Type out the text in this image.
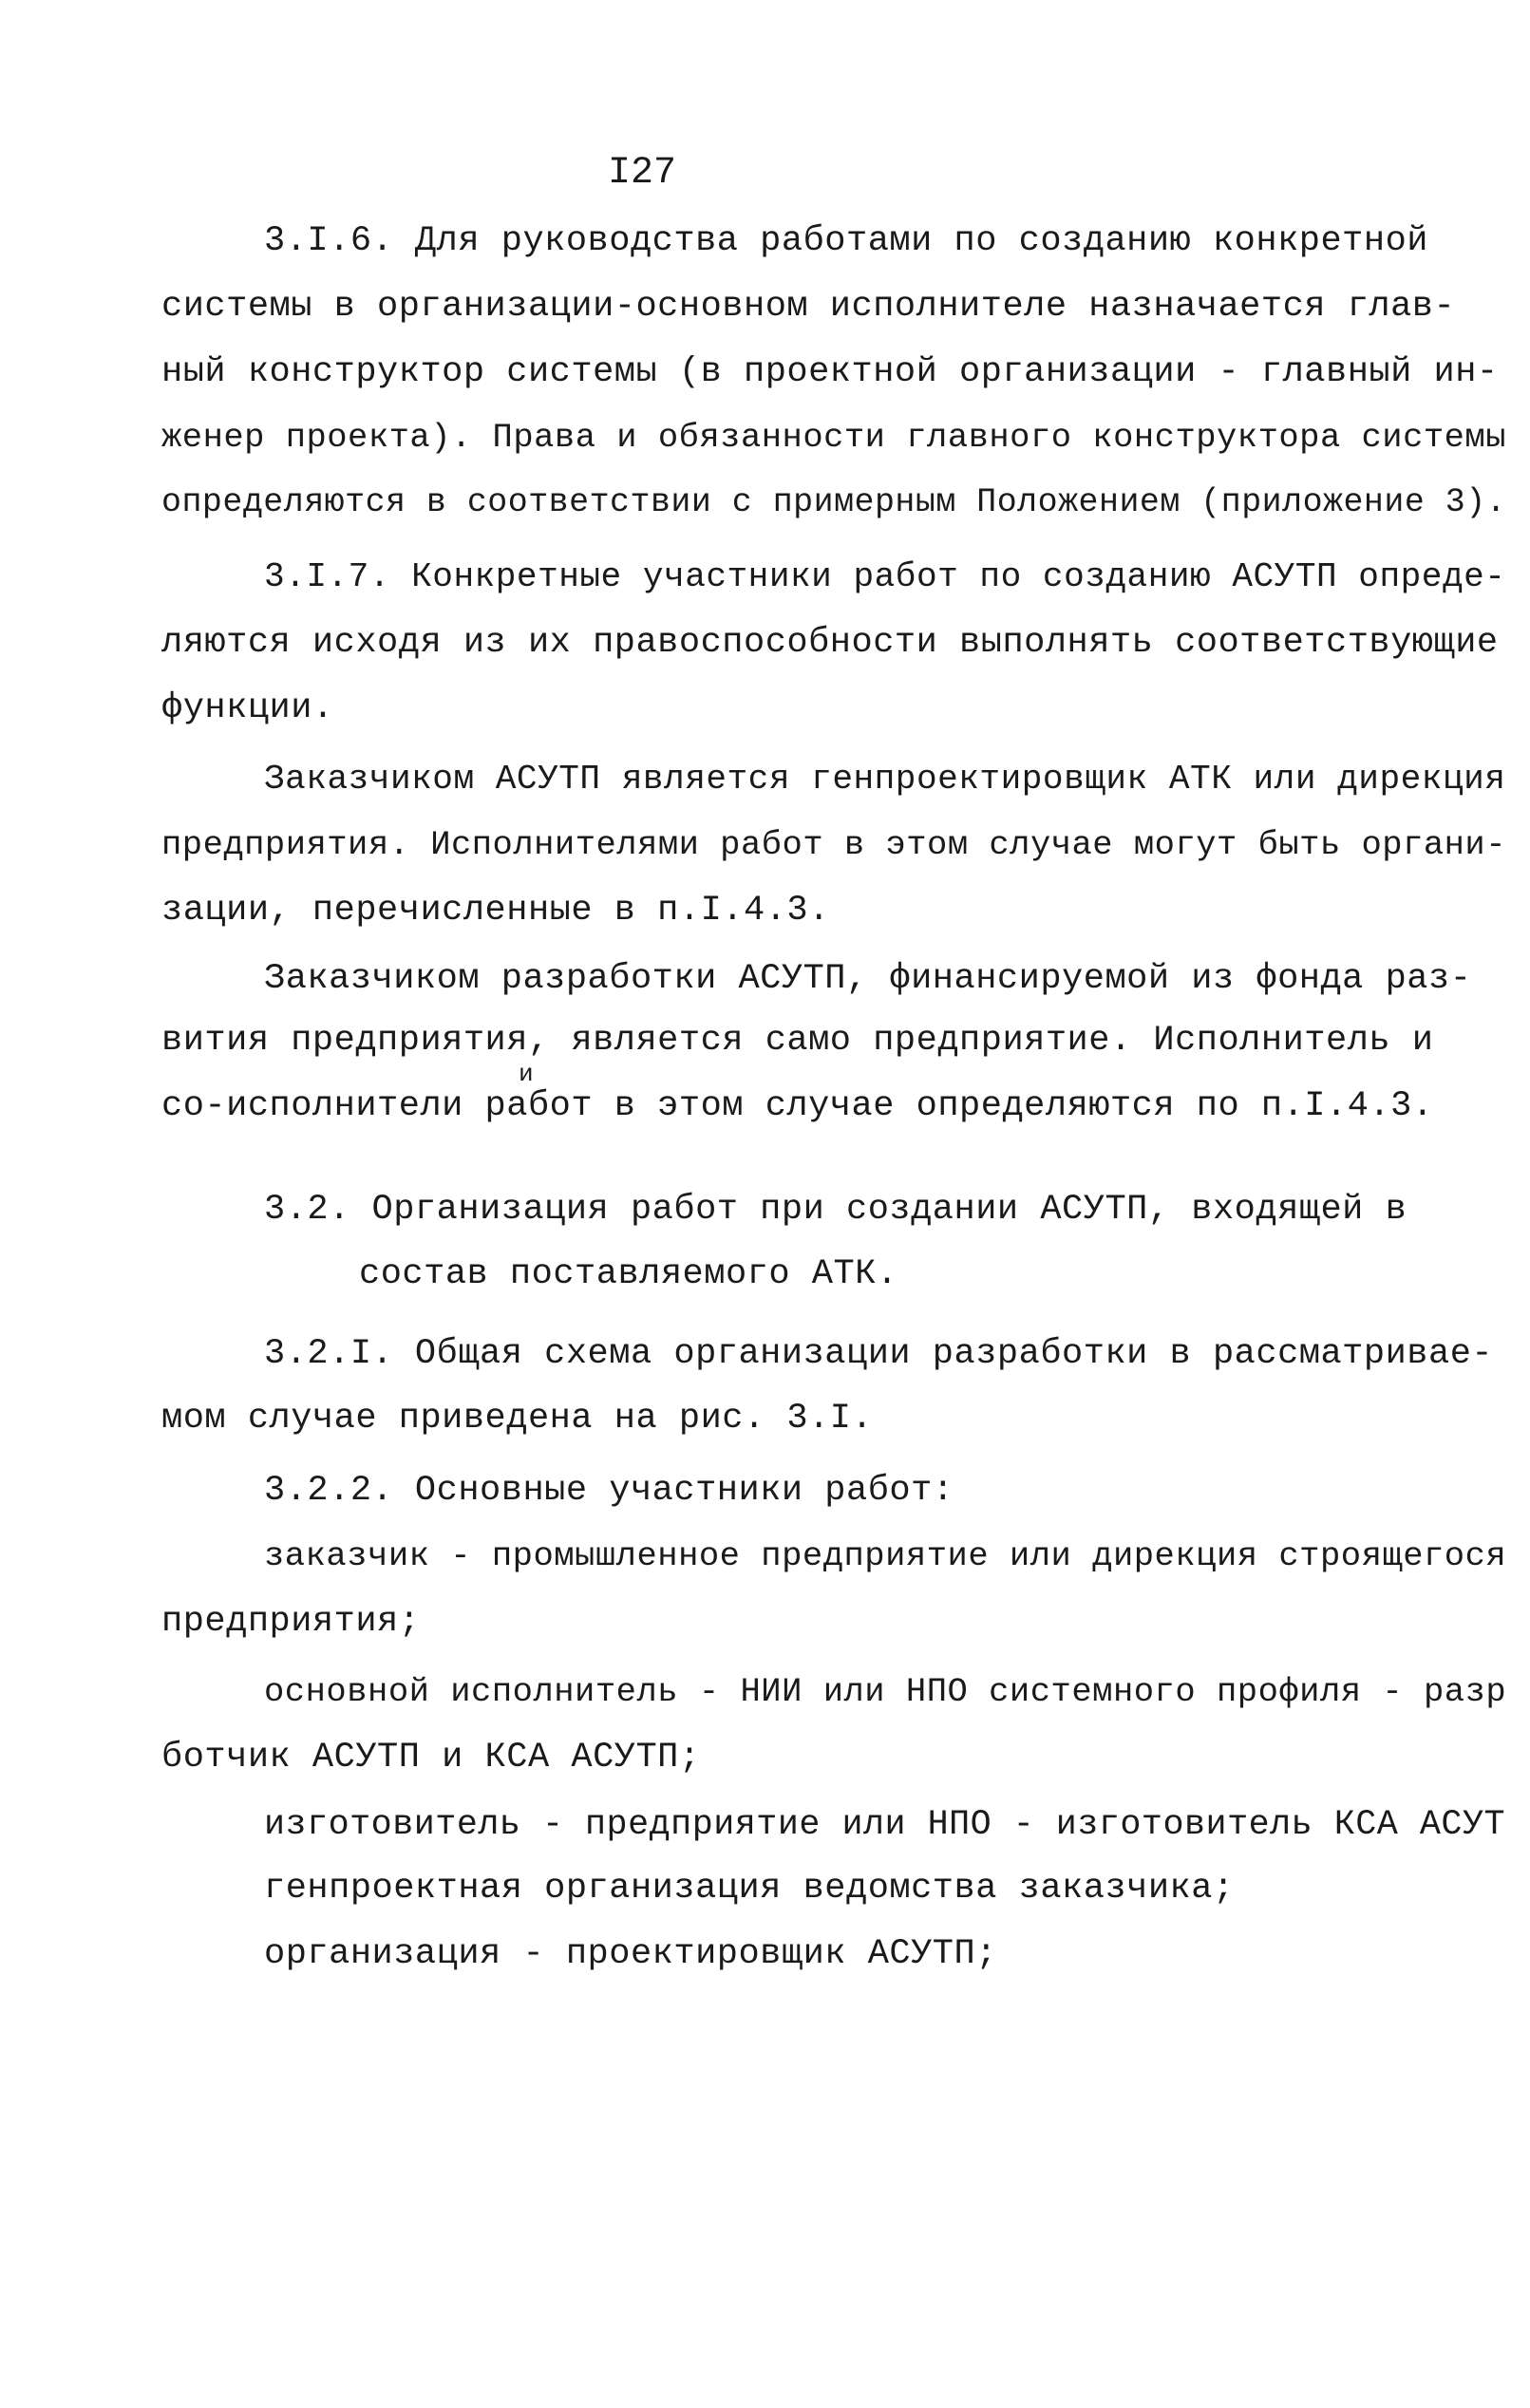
I27
3.I.6. Для руководства работами по созданию конкретной
системы в организации-основном исполнителе назначается глав-
ный конструктор системы (в проектной организации - главный ин-
женер проекта). Права и обязанности главного конструктора системы
определяются в соответствии с примерным Положением (приложение 3).
3.I.7. Конкретные участники работ по созданию АСУТП опреде-
ляются исходя из их правоспособности выполнять соответствующие
функции.
Заказчиком АСУТП является генпроектировщик АТК или дирекция
предприятия. Исполнителями работ в этом случае могут быть органи-
зации, перечисленные в п.I.4.3.
Заказчиком разработки АСУТП, финансируемой из фонда раз-
вития предприятия, является само предприятие. Исполнитель и
и
со-исполнители работ в этом случае определяются по п.I.4.3.
3.2. Организация работ при создании АСУТП, входящей в
состав поставляемого АТК.
3.2.I. Общая схема организации разработки в рассматривае-
мом случае приведена на рис. 3.I.
3.2.2. Основные участники работ:
заказчик - промышленное предприятие или дирекция строящегося
предприятия;
основной исполнитель - НИИ или НПО системного профиля - разр
ботчик АСУТП и КСА АСУТП;
изготовитель - предприятие или НПО - изготовитель КСА АСУТ
генпроектная организация ведомства заказчика;
организация - проектировщик АСУТП;
